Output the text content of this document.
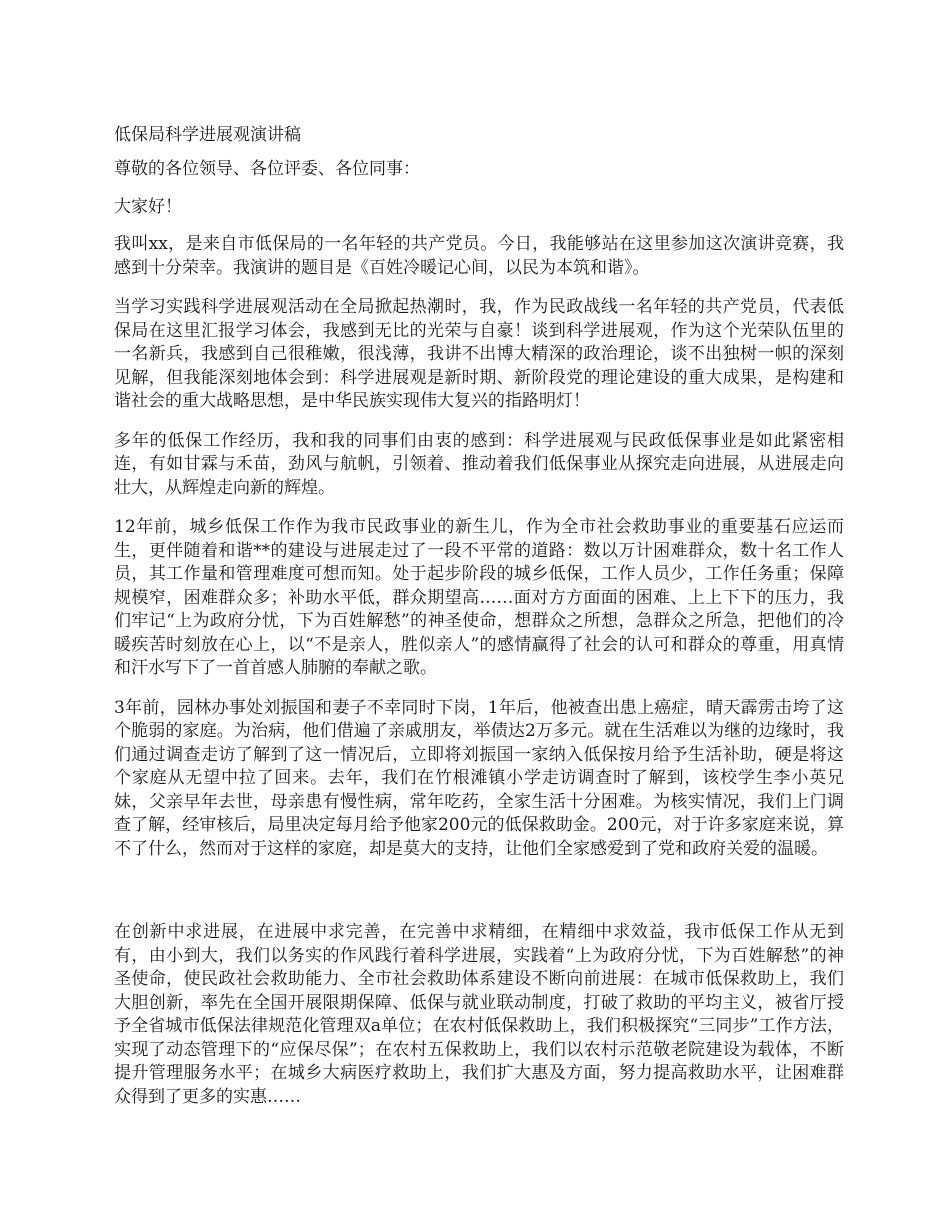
低保局科学进展观演讲稿
尊敬的各位领导、各位评委、各位同事：
大家好！

我叫xx，是来自市低保局的一名年轻的共产党员。今日，我能够站在这里参加这次演讲竞赛，我感到十分荣幸。我演讲的题目是《百姓冷暖记心间，以民为本筑和谐》。

当学习实践科学进展观活动在全局掀起热潮时，我，作为民政战线一名年轻的共产党员，代表低保局在这里汇报学习体会，我感到无比的光荣与自豪！谈到科学进展观，作为这个光荣队伍里的一名新兵，我感到自己很稚嫩，很浅薄，我讲不出博大精深的政治理论，谈不出独树一帜的深刻见解，但我能深刻地体会到：科学进展观是新时期、新阶段党的理论建设的重大成果，是构建和谐社会的重大战略思想，是中华民族实现伟大复兴的指路明灯！

多年的低保工作经历，我和我的同事们由衷的感到：科学进展观与民政低保事业是如此紧密相连，有如甘霖与禾苗，劲风与航帆，引领着、推动着我们低保事业从探究走向进展，从进展走向壮大，从辉煌走向新的辉煌。

12年前，城乡低保工作作为我市民政事业的新生儿，作为全市社会救助事业的重要基石应运而生，更伴随着和谐**的建设与进展走过了一段不平常的道路：数以万计困难群众，数十名工作人员，其工作量和管理难度可想而知。处于起步阶段的城乡低保，工作人员少，工作任务重；保障规模窄，困难群众多；补助水平低，群众期望高……面对方方面面的困难、上上下下的压力，我们牢记“上为政府分忧，下为百姓解愁”的神圣使命，想群众之所想，急群众之所急，把他们的冷暖疾苦时刻放在心上，以“不是亲人，胜似亲人”的感情赢得了社会的认可和群众的尊重，用真情和汗水写下了一首首感人肺腑的奉献之歌。

3年前，园林办事处刘振国和妻子不幸同时下岗，1年后，他被查出患上癌症，晴天霹雳击垮了这个脆弱的家庭。为治病，他们借遍了亲戚朋友，举债达2万多元。就在生活难以为继的边缘时，我们通过调查走访了解到了这一情况后，立即将刘振国一家纳入低保按月给予生活补助，硬是将这个家庭从无望中拉了回来。去年，我们在竹根滩镇小学走访调查时了解到，该校学生李小英兄妹，父亲早年去世，母亲患有慢性病，常年吃药，全家生活十分困难。为核实情况，我们上门调查了解，经审核后，局里决定每月给予他家200元的低保救助金。200元，对于许多家庭来说，算不了什么，然而对于这样的家庭，却是莫大的支持，让他们全家感爱到了党和政府关爱的温暖。

在创新中求进展，在进展中求完善，在完善中求精细，在精细中求效益，我市低保工作从无到有，由小到大，我们以务实的作风践行着科学进展，实践着“上为政府分忧，下为百姓解愁”的神圣使命，使民政社会救助能力、全市社会救助体系建设不断向前进展：在城市低保救助上，我们大胆创新，率先在全国开展限期保障、低保与就业联动制度，打破了救助的平均主义，被省厅授予全省城市低保法律规范化管理双a单位；在农村低保救助上，我们积极探究“三同步”工作方法，实现了动态管理下的“应保尽保”；在农村五保救助上，我们以农村示范敬老院建设为载体，不断提升管理服务水平；在城乡大病医疗救助上，我们扩大惠及方面，努力提高救助水平，让困难群众得到了更多的实惠……
